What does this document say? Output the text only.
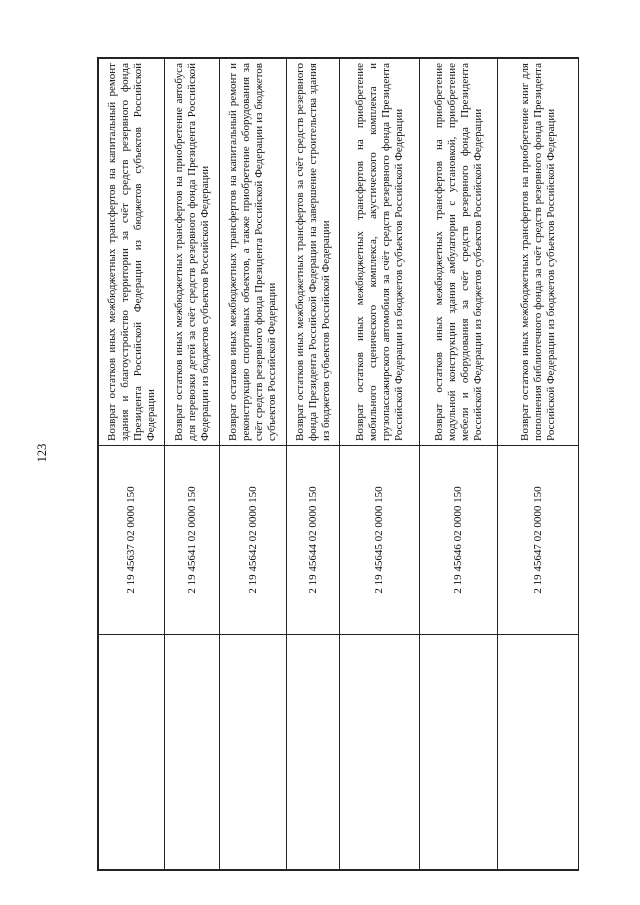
123
	2 19 45637 02 0000 150	Возврат остатков иных межбюджетных трансфертов на капитальный ремонт здания и благоустройство территории за счёт средств резервного фонда Президента Российской Федерации из бюджетов субъектов Российской Федерации
	2 19 45641 02 0000 150	Возврат остатков иных межбюджетных трансфертов на приобретение автобуса для перевозки детей за счёт средств резервного фонда Президента Российской Федерации из бюджетов субъектов Российской Федерации
	2 19 45642 02 0000 150	Возврат остатков иных межбюджетных трансфертов на капитальный ремонт и реконструкцию спортивных объектов, а также приобретение оборудования за счёт средств резервного фонда Президента Российской Федерации из бюджетов субъектов Российской Федерации
	2 19 45644 02 0000 150	Возврат остатков иных межбюджетных трансфертов за счёт средств резервного фонда Президента Российской Федерации на завершение строительства здания из бюджетов субъектов Российской Федерации
	2 19 45645 02 0000 150	Возврат остатков иных межбюджетных трансфертов на приобретение мобильного сценического комплекса, акустического комплекта и грузопассажирского автомобиля за счёт средств резервного фонда Президента Российской Федерации из бюджетов субъектов Российской Федерации
	2 19 45646 02 0000 150	Возврат остатков иных межбюджетных трансфертов на приобретение модульной конструкции здания амбулатории с установкой, приобретение мебели и оборудования за счёт средств резервного фонда Президента Российской Федерации из бюджетов субъектов Российской Федерации
	2 19 45647 02 0000 150	Возврат остатков иных межбюджетных трансфертов на приобретение книг для пополнения библиотечного фонда за счёт средств резервного фонда Президента Российской Федерации из бюджетов субъектов Российской Федерации
